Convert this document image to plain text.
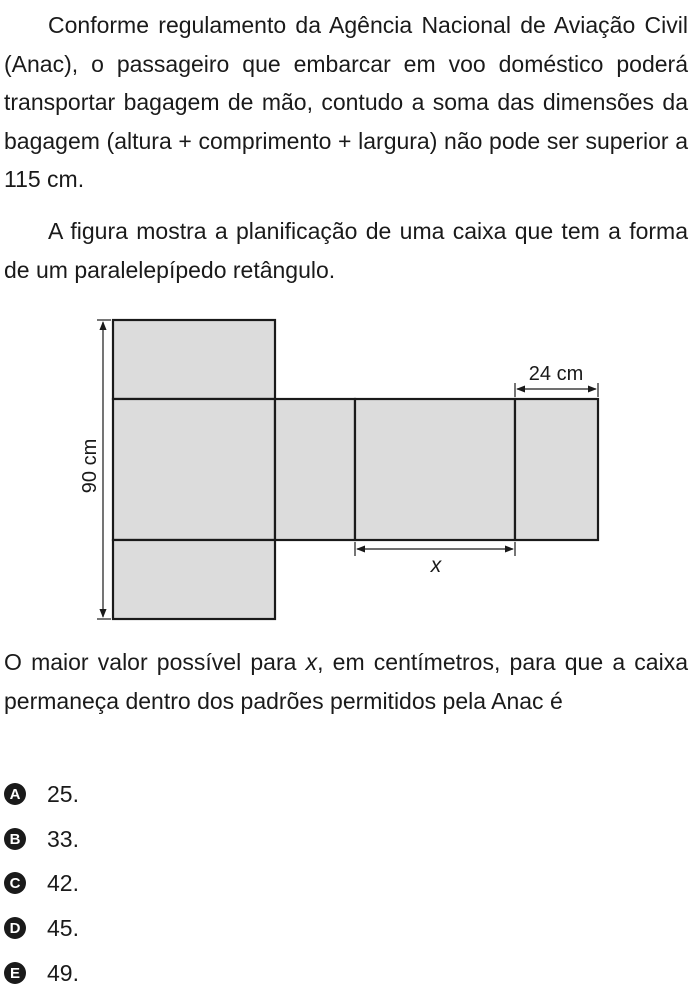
Conforme regulamento da Agência Nacional de Aviação Civil (Anac), o passageiro que embarcar em voo doméstico poderá transportar bagagem de mão, contudo a soma das dimensões da bagagem (altura + comprimento + largura) não pode ser superior a 115 cm.

A figura mostra a planificação de uma caixa que tem a forma de um paralelepípedo retângulo.

90 cm
24 cm
x

O maior valor possível para x, em centímetros, para que a caixa permaneça dentro dos padrões permitidos pela Anac é

A 25.
B 33.
C 42.
D 45.
E 49.
